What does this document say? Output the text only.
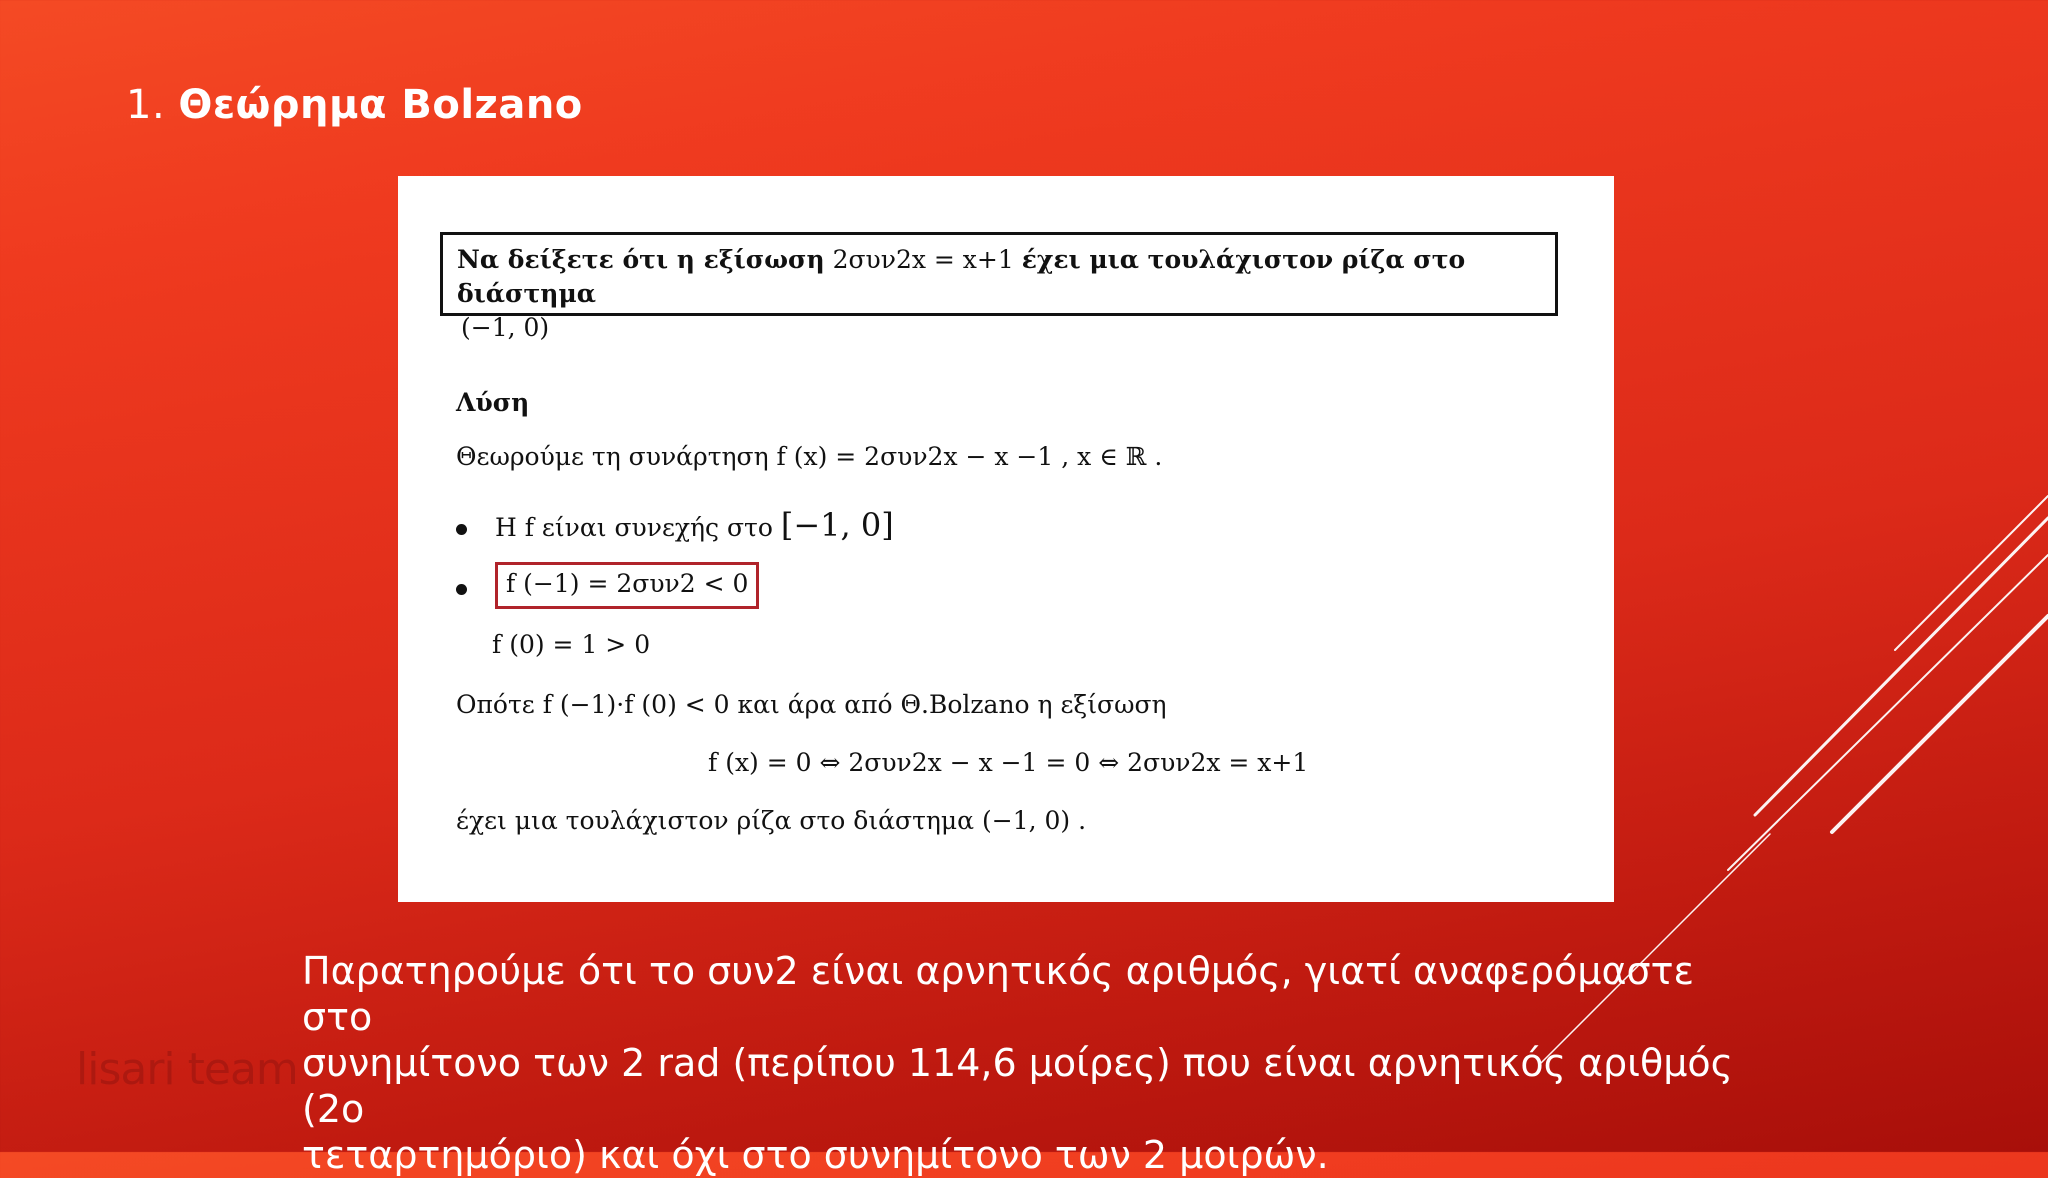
1. Θεώρημα Bolzano
Να δείξετε ότι η εξίσωση 2συν2x = x+1 έχει μια τουλάχιστον ρίζα στο διάστημα
(−1, 0)
Λύση
Θεωρούμε τη συνάρτηση f (x) = 2συν2x − x −1 , x ∈ ℝ .
H f είναι συνεχής στο [−1, 0]
f (−1) = 2συν2 < 0
f (0) = 1 > 0
Οπότε f (−1)·f (0) < 0 και άρα από Θ.Bolzano η εξίσωση
f (x) = 0 ⇔ 2συν2x − x −1 = 0 ⇔ 2συν2x = x+1
έχει μια τουλάχιστον ρίζα στο διάστημα (−1, 0) .
Παρατηρούμε ότι το συν2 είναι αρνητικός αριθμός, γιατί αναφερόμαστε στο
συνημίτονο των 2 rad (περίπου 114,6 μοίρες) που είναι αρνητικός αριθμός (2ο
τεταρτημόριο) και όχι στο συνημίτονο των 2 μοιρών.
lisari team
